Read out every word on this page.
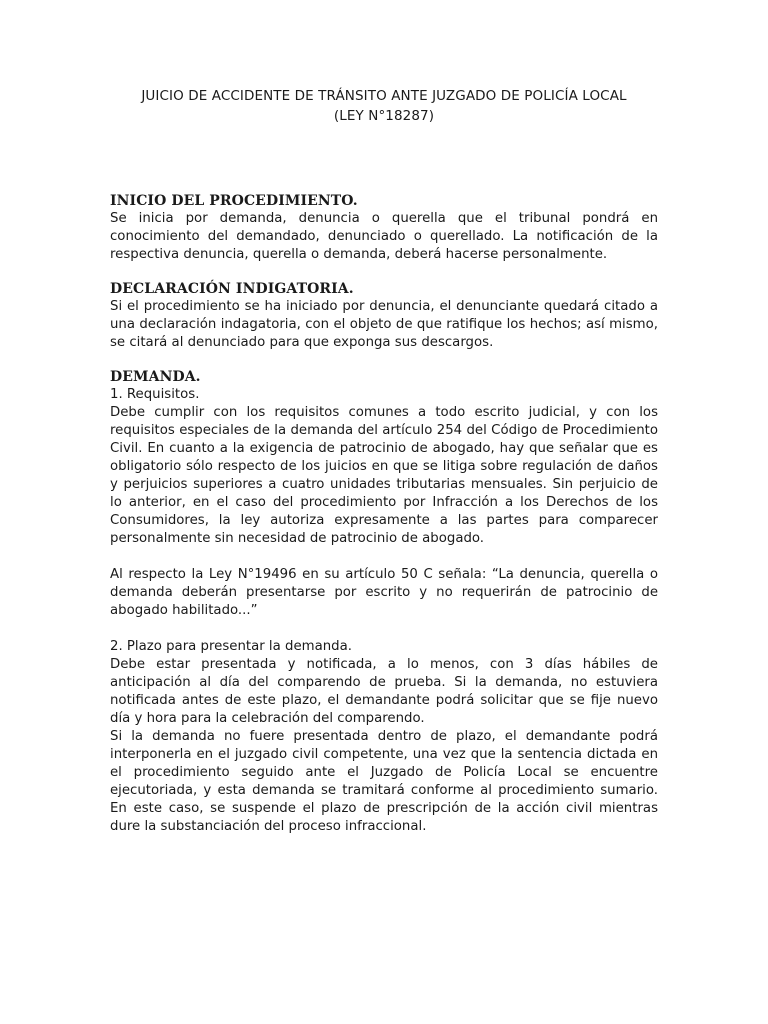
JUICIO DE ACCIDENTE DE TRÁNSITO ANTE JUZGADO DE POLICÍA LOCAL
(LEY N°18287)
INICIO DEL PROCEDIMIENTO.

Se inicia por demanda, denuncia o querella que el tribunal pondrá en conocimiento del demandado, denunciado o querellado. La notificación de la respectiva denuncia, querella o demanda, deberá hacerse personalmente.

DECLARACIÓN INDIGATORIA.

Si el procedimiento se ha iniciado por denuncia, el denunciante quedará citado a una declaración indagatoria, con el objeto de que ratifique los hechos; así mismo, se citará al denunciado para que exponga sus descargos.

DEMANDA.

1. Requisitos.

Debe cumplir con los requisitos comunes a todo escrito judicial, y con los requisitos especiales de la demanda del artículo 254 del Código de Procedimiento Civil. En cuanto a la exigencia de patrocinio de abogado, hay que señalar que es obligatorio sólo respecto de los juicios en que se litiga sobre regulación de daños y perjuicios superiores a cuatro unidades tributarias mensuales. Sin perjuicio de lo anterior, en el caso del procedimiento por Infracción a los Derechos de los Consumidores, la ley autoriza expresamente a las partes para comparecer personalmente sin necesidad de patrocinio de abogado.

Al respecto la Ley N°19496 en su artículo 50 C señala: “La denuncia, querella o demanda deberán presentarse por escrito y no requerirán de patrocinio de abogado habilitado...”

2. Plazo para presentar la demanda.

Debe estar presentada y notificada, a lo menos, con 3 días hábiles de anticipación al día del comparendo de prueba. Si la demanda, no estuviera notificada antes de este plazo, el demandante podrá solicitar que se fije nuevo día y hora para la celebración del comparendo.

Si la demanda no fuere presentada dentro de plazo, el demandante podrá interponerla en el juzgado civil competente, una vez que la sentencia dictada en el procedimiento seguido ante el Juzgado de Policía Local se encuentre ejecutoriada, y esta demanda se tramitará conforme al procedimiento sumario. En este caso, se suspende el plazo de prescripción de la acción civil mientras dure la substanciación del proceso infraccional.
